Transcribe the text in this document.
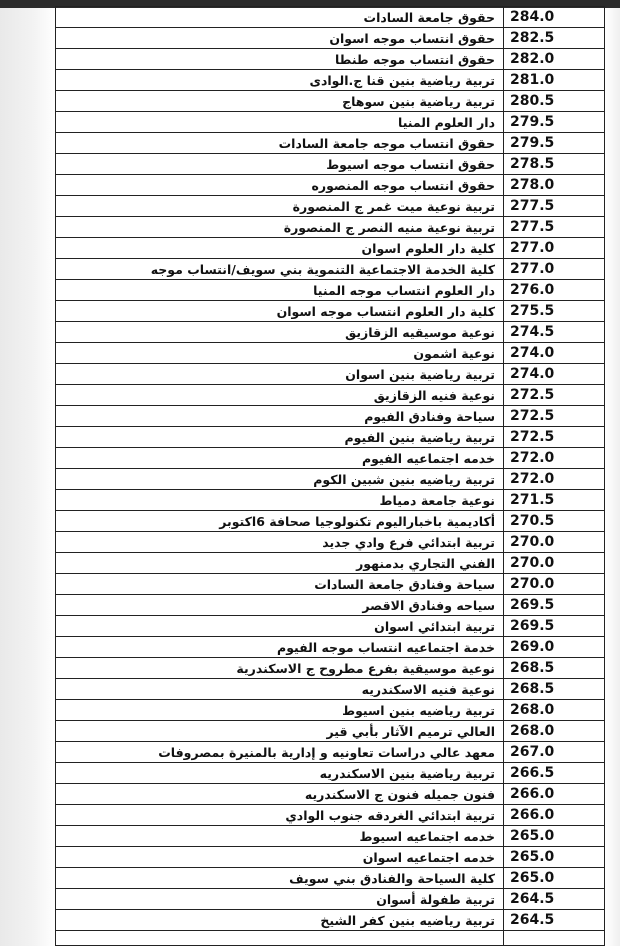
حقوق جامعة السادات	284.0
حقوق انتساب موجه اسوان	282.5
حقوق انتساب موجه طنطا	282.0
تربية رياضية بنين قنا ج.الوادى	281.0
تربية رياضية بنين سوهاج	280.5
دار العلوم المنيا	279.5
حقوق انتساب موجه جامعة السادات	279.5
حقوق انتساب موجه اسيوط	278.5
حقوق انتساب موجه المنصوره	278.0
تربية نوعية ميت غمر ج المنصورة	277.5
تربية نوعية منيه النصر ج المنصورة	277.5
كلية دار العلوم اسوان	277.0
كلية الخدمة الاجتماعية التنموية بني سويف/انتساب موجه	277.0
دار العلوم انتساب موجه المنيا	276.0
كلية دار العلوم انتساب موجه اسوان	275.5
نوعية موسيقيه الزقازيق	274.5
نوعية اشمون	274.0
تربية رياضية بنين اسوان	274.0
نوعية فنيه الزقازيق	272.5
سياحة وفنادق الفيوم	272.5
تربية رياضية بنين الفيوم	272.5
خدمه اجتماعيه الفيوم	272.0
تربية رياضيه بنين شبين الكوم	272.0
نوعية جامعة دمياط	271.5
أكاديمية باخباراليوم تكنولوجيا صحافة 6اكتوبر	270.5
تربية ابتدائي فرع وادي جديد	270.0
الفني التجاري بدمنهور	270.0
سياحة وفنادق جامعة السادات	270.0
سياحه وفنادق الاقصر	269.5
تربية ابتدائي اسوان	269.5
خدمة اجتماعيه انتساب موجه الفيوم	269.0
نوعية موسيقية بفرع مطروح ج الاسكندرية	268.5
نوعية فنيه الاسكندريه	268.5
تربية رياضيه بنين اسيوط	268.0
العالي ترميم الآثار بأبي قير	268.0
معهد عالي دراسات تعاونيه و إدارية بالمنيرة بمصروفات	267.0
تربية رياضية بنين الاسكندريه	266.5
فنون جميله فنون ج الاسكندريه	266.0
تربية ابتدائي الغردقه جنوب الوادي	266.0
خدمه اجتماعيه اسيوط	265.0
خدمه اجتماعيه اسوان	265.0
كلية السياحة والفنادق بني سويف	265.0
تربية طفولة أسوان	264.5
تربية رياضيه بنين كفر الشيخ	264.5
